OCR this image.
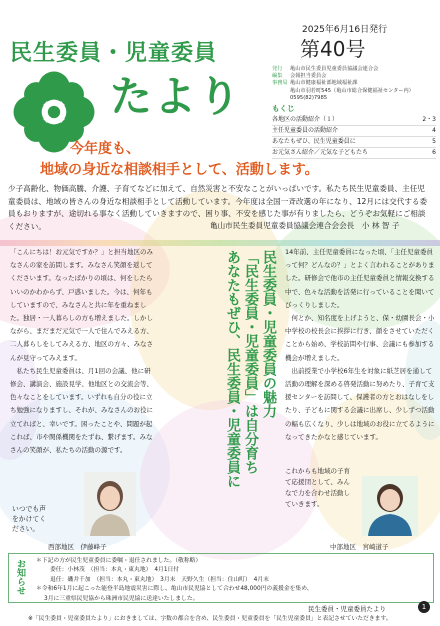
民生委員・児童委員
たより
2025年6月16日発行
第40号
発行	亀山市民生委員児童委員協議会連合会
編集	会報担当委員会
事務局 亀山市健康福祉部地域福祉課
亀山市羽若町545（亀山市総合保健福祉センター内）
0595(82)7985
もくじ
各地区の活動紹介（１）	2・3
主任児童委員の活動紹介	4
あなたもぜひ、民生児童委員に	5
お元気さん紹介／元気な子どもたち	6
今年度も、
地域の身近な相談相手として、活動します。
少子高齢化、物価高騰、介護、子育てなどに加えて、自然災害と不安なことがいっぱいです。私たち民生児童委員、主任児童委員は、地域の皆さんの身近な相談相手として活動しています。今年度は全国一斉改選の年になり、12月には交代する委員もおりますが、途切れる事なく活動していきますので、困り事、不安を感じた事が有りましたら、どうぞお気軽にご相談ください。	亀山市民生委員児童委員協議会連合会会長　小 林 智 子
「こんにちは！お元気ですか？」と担当地区のみなさんの家を訪問します。みなさん笑顔を返してくださいます。なったばかりの頃は、何をしたらいいのかわからず、戸惑いました。今は、何年もしていますので、みなさんと共に年を重ねました。独居・一人暮らしの方も増えました。しかしながら、まだまだ元気で一人で住んでみえる方、二人暮らしをしてみえる方、地区の方々、みなさんが見守ってみえます。
　私たち民生児童委員は、月1回の会議、他に研修会、講演会、施設見学、他地区との交流会等、色々なことをしています。いずれも自分の役に立ち勉強になりますし、それが、みなさんのお役に立てればと、幸いです。困ったことや、問題が起これば、市や関係機関をたずね、繋げます。みなさんの笑顔が、私たちの活動の源です。
いつでも声をかけてください。
西部地区　伊藤峰子
民生委員・児童委員の魅力
「民生委員・児童委員」は自分育ち
あなたもぜひ、民生委員・児童委員に	14年前、主任児童委員になった頃、「主任児童委員って何？どんなの？」とよく言われることがありました。研修会で他市の主任児童委員と情報交換する中で、色々な活動を活発に行っていることを聞いてびっくりしました。
　何とか、知名度を上げようと、保・幼園長会・小中学校の校長会に挨拶に行き、顔をさせていただくことから始め、学校訪問や行事、会議にも参加する機会が増えました。
　出前授業で小学校6年生を対象に紙芝居を通して活動の理解を深める啓発活動に努めたり、子育て支援センターを訪問して、保護者の方とおはなしをしたり、子どもに関する会議に出席し、少しずつ活動の幅も広くなり、少しは地域のお役に立てるようになってきたかなと感じています。
これからも地域の子育て応援団として、みんなで力を合わせ活動していきます。
中部地区　宮崎道子
お知らせ	＊下記の方が民生児童委員に委嘱・退任されました。（敬称略）
委任：小林茂　（担当：本丸・東丸地）　4月1日付
退任：磯井千加　（担当：本丸・東丸地）　3月末　天野久生（担当：住山町）　4月末
＊令和6年1月に起こった能登半島地震災害に際し、亀山市民児協として合わせ48,000円の義援金を集め、
3月に三重県民児協から珠洲市民児協に送達いたしました。
民生委員・児童委員たより	1
※「民生委員・児童委員たより」におきましては、字数の都合を含め、民生委員・児童委員を「民生児童委員」と表記させていただきます。
